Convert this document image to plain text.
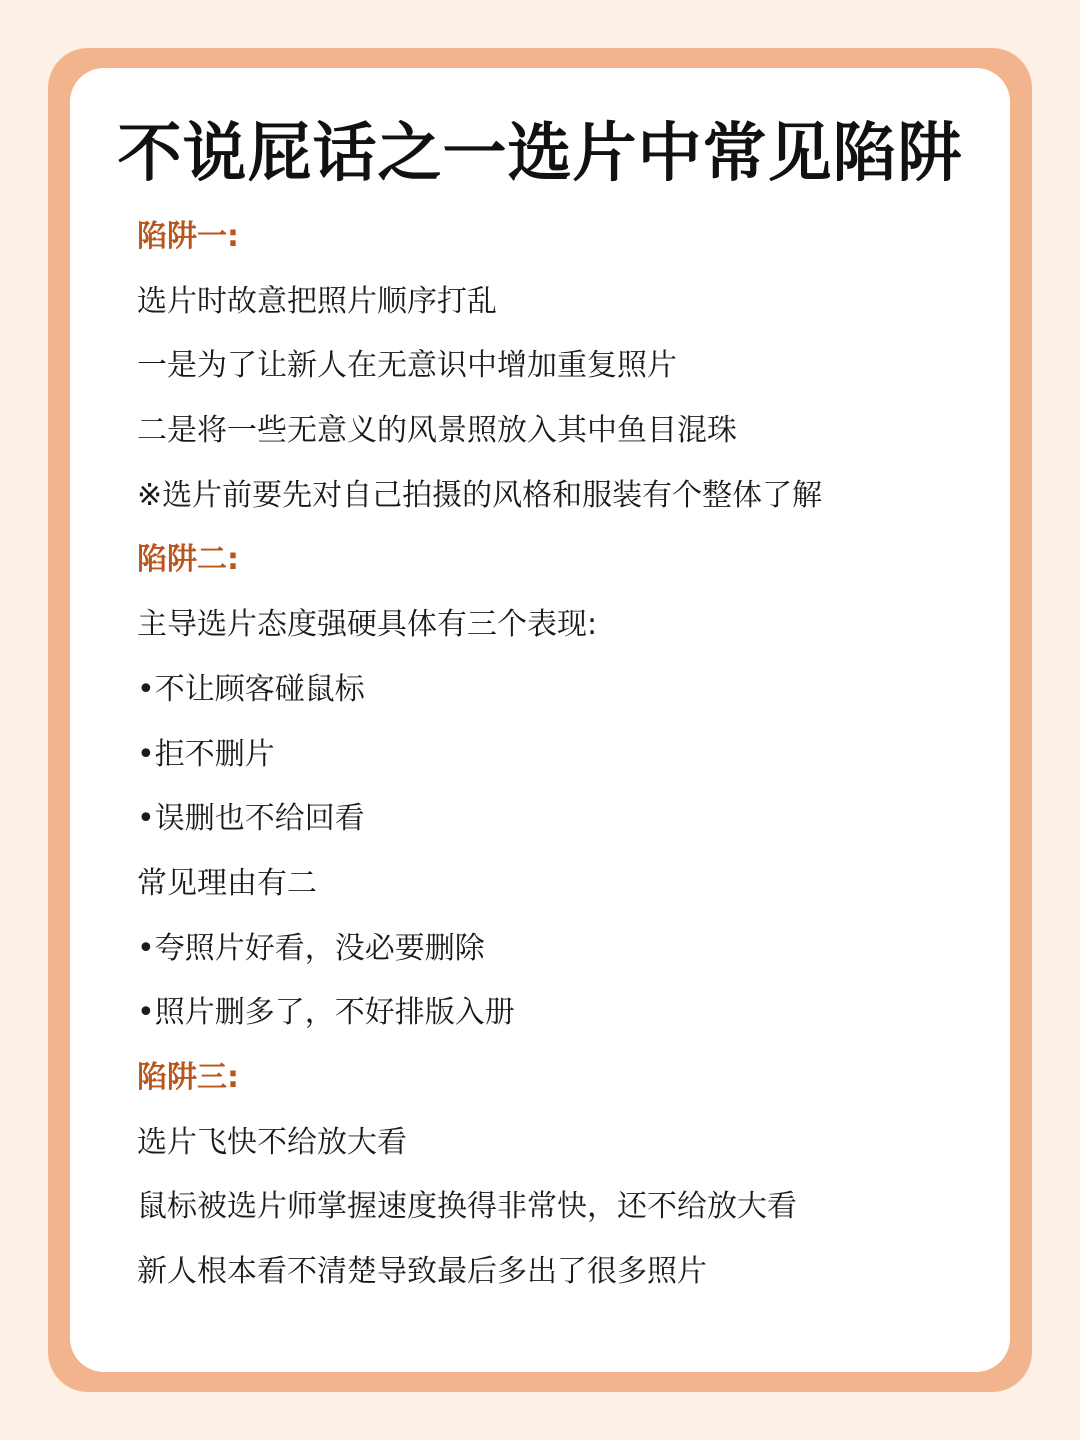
不说屁话之一选片中常见陷阱
陷阱一:
选片时故意把照片顺序打乱
一是为了让新人在无意识中增加重复照片
二是将一些无意义的风景照放入其中鱼目混珠
※选片前要先对自己拍摄的风格和服装有个整体了解
陷阱二:
主导选片态度强硬具体有三个表现:
•不让顾客碰鼠标
•拒不删片
•误删也不给回看
常见理由有二
•夸照片好看，没必要删除
•照片删多了，不好排版入册
陷阱三:
选片飞快不给放大看
鼠标被选片师掌握速度换得非常快，还不给放大看
新人根本看不清楚导致最后多出了很多照片
